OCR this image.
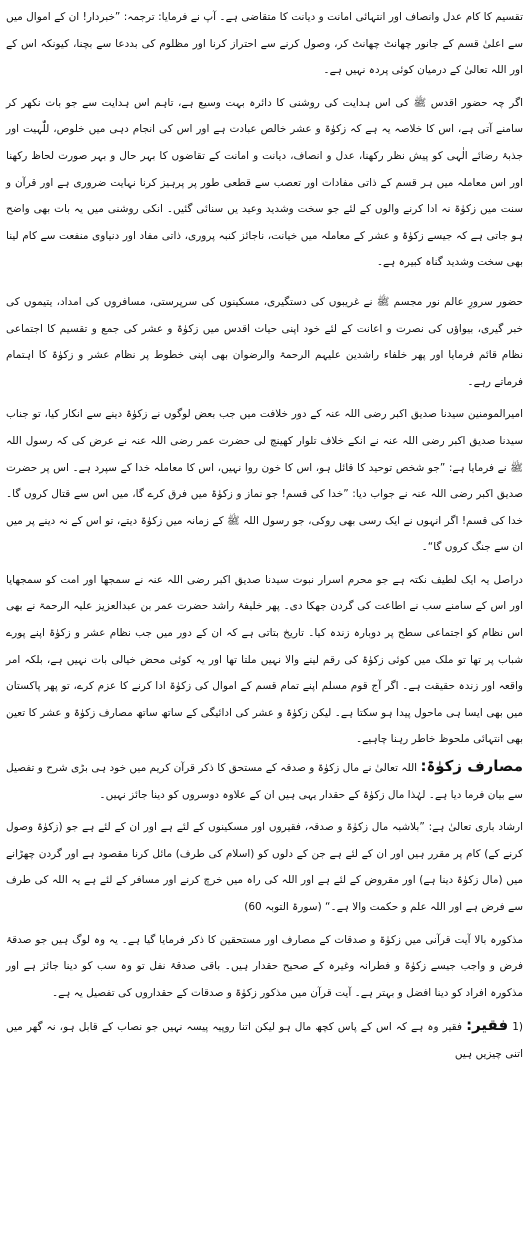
تقسیم کا کام عدل وانصاف اور انتہائی امانت و دیانت کا متقاضی ہے۔ آپ نے فرمایا: ترجمہ: ”خبردار! ان کے اموال میں سے اعلیٰ قسم کے جانور چھانٹ چھانٹ کر، وصول کرنے سے احتراز کرنا اور مظلوم کی بددعا سے بچنا، کیونکہ اس کے اور اللہ تعالیٰ کے درمیان کوئی پردہ نہیں ہے۔

اگر چہ حضور اقدس ﷺ کی اس ہدایت کی روشنی کا دائرہ بہت وسیع ہے، تاہم اس ہدایت سے جو بات نکھر کر سامنے آتی ہے، اس کا خلاصہ یہ ہے کہ زکوٰۃ و عشر خالص عبادت ہے اور اس کی انجام دہی میں خلوص، للّٰہیت اور جذبۂ رضائے الٰہی کو پیش نظر رکھنا، عدل و انصاف، دیانت و امانت کے تقاضوں کا بہر حال و بہر صورت لحاظ رکھنا اور اس معاملہ میں ہر قسم کے ذاتی مفادات اور تعصب سے قطعی طور پر پرہیز کرنا نہایت ضروری ہے اور قرآن و سنت میں زکوٰۃ نہ ادا کرنے والوں کے لئے جو سخت وشدید وعید یں سنائی گئیں۔ انکی روشنی میں یہ بات بھی واضح ہو جاتی ہے کہ جیسے زکوٰۃ و عشر کے معاملہ میں خیانت، ناجائز کنبہ پروری، ذاتی مفاد اور دنیاوی منفعت سے کام لینا بھی سخت وشدید گناہ کبیرہ ہے۔

حضور سرورِ عالم نور مجسم ﷺ نے غریبوں کی دستگیری، مسکینوں کی سرپرستی، مسافروں کی امداد، یتیموں کی خبر گیری، بیواؤں کی نصرت و اعانت کے لئے خود اپنی حیات اقدس میں زکوٰۃ و عشر کی جمع و تقسیم کا اجتماعی نظام قائم فرمایا اور پھر خلفاء راشدین علیہم الرحمۃ والرضوان بھی اپنی خطوط پر نظام عشر و زکوٰۃ کا اہتمام فرماتے رہے۔

امیرالمومنین سیدنا صدیق اکبر رضی اللہ عنہ کے دور خلافت میں جب بعض لوگوں نے زکوٰۃ دینے سے انکار کیا، تو جناب سیدنا صدیق اکبر رضی اللہ عنہ نے انکے خلاف تلوار کھینچ لی حضرت عمر رضی اللہ عنہ نے عرض کی کہ رسول اللہ ﷺ نے فرمایا ہے: ”جو شخص توحید کا قائل ہو، اس کا خون روا نہیں، اس کا معاملہ خدا کے سپرد ہے۔ اس پر حضرت صدیق اکبر رضی اللہ عنہ نے جواب دیا: ”خدا کی قسم! جو نماز و زکوٰۃ میں فرق کرے گا، میں اس سے قتال کروں گا۔ خدا کی قسم! اگر انہوں نے ایک رسی بھی روکی، جو رسول اللہ ﷺ کے زمانہ میں زکوٰۃ دیتے، تو اس کے نہ دینے پر میں ان سے جنگ کروں گا“۔

دراصل یہ ایک لطیف نکتہ ہے جو محرم اسرار نبوت سیدنا صدیق اکبر رضی اللہ عنہ نے سمجھا اور امت کو سمجھایا اور اس کے سامنے سب نے اطاعت کی گردن جھکا دی۔ پھر خلیفۂ راشد حضرت عمر بن عبدالعزیز علیہ الرحمۃ نے بھی اس نظام کو اجتماعی سطح پر دوبارہ زندہ کیا۔ تاریخ بتاتی ہے کہ ان کے دور میں جب نظام عشر و زکوٰۃ اپنے پورے شباب پر تھا تو ملک میں کوئی زکوٰۃ کی رقم لینے والا نہیں ملتا تھا اور یہ کوئی محض خیالی بات نہیں ہے، بلکہ امر واقعہ اور زندہ حقیقت ہے۔ اگر آج قوم مسلم اپنے تمام قسم کے اموال کی زکوٰۃ ادا کرنے کا عزم کرے، تو پھر پاکستان میں بھی ایسا ہی ماحول پیدا ہو سکتا ہے۔ لیکن زکوٰۃ و عشر کی ادائیگی کے ساتھ ساتھ مصارف زکوٰۃ و عشر کا تعین بھی انتہائی ملحوظ خاطر رہنا چاہیے۔

مصارف زکوٰۃ: اللہ تعالیٰ نے مال زکوٰۃ و صدقہ کے مستحق کا ذکر قرآن کریم میں خود ہی بڑی شرح و تفصیل سے بیان فرما دیا ہے۔ لہٰذا مال زکوٰۃ کے حقدار یہی ہیں ان کے علاوہ دوسروں کو دینا جائز نہیں۔

ارشاد باری تعالیٰ ہے: ”بلاشبہ مال زکوٰۃ و صدقہ، فقیروں اور مسکینوں کے لئے ہے اور ان کے لئے ہے جو (زکوٰۃ وصول کرنے کے) کام پر مقرر ہیں اور ان کے لئے ہے جن کے دلوں کو (اسلام کی طرف) مائل کرنا مقصود ہے اور گردن چھڑانے میں (مال زکوٰۃ دینا ہے) اور مقروض کے لئے ہے اور اللہ کی راہ میں خرچ کرنے اور مسافر کے لئے ہے یہ اللہ کی طرف سے فرض ہے اور اللہ علم و حکمت والا ہے۔“ (سورۃ التوبہ 60)

مذکورہ بالا آیت قرآنی میں زکوٰۃ و صدقات کے مصارف اور مستحقین کا ذکر فرمایا گیا ہے۔ یہ وہ لوگ ہیں جو صدقۂ فرض و واجب جیسے زکوٰۃ و فطرانہ وغیرہ کے صحیح حقدار ہیں۔ باقی صدقۂ نفل تو وہ سب کو دینا جائز ہے اور مذکورہ افراد کو دینا افضل و بہتر ہے۔ آیت قرآن میں مذکور زکوٰۃ و صدقات کے حقداروں کی تفصیل یہ ہے۔

1) فقیر: فقیر وہ ہے کہ اس کے پاس کچھ مال ہو لیکن اتنا روپیہ پیسہ نہیں جو نصاب کے قابل ہو، نہ گھر میں اتنی چیزیں ہیں
